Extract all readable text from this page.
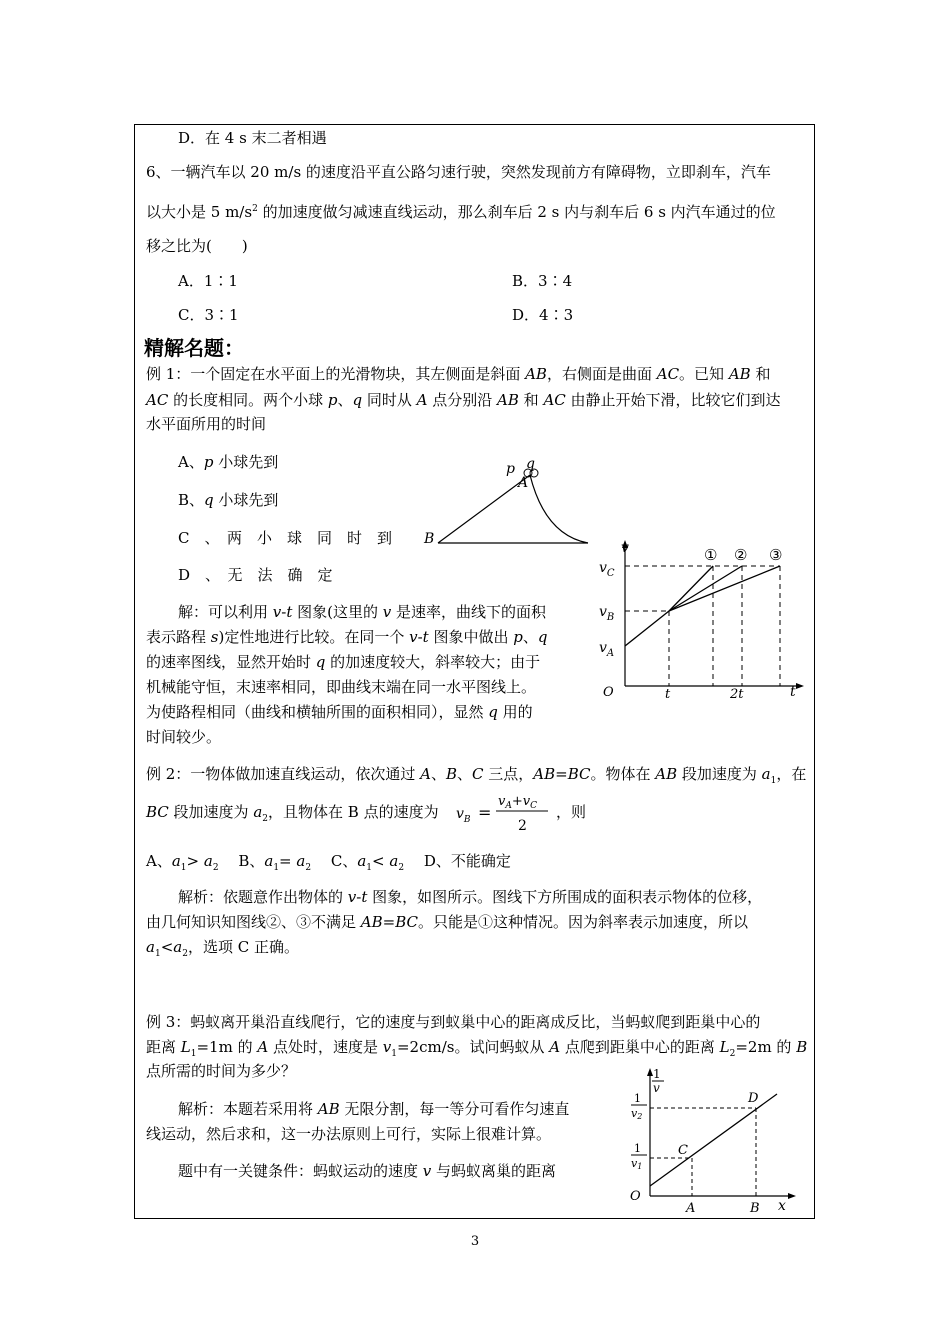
D．在 4 s 末二者相遇
6、一辆汽车以 20 m/s 的速度沿平直公路匀速行驶，突然发现前方有障碍物，立即刹车，汽车
以大小是 5 $m/s^2$ 的加速度做匀减速直线运动，那么刹车后 2 s 内与刹车后 6 s 内汽车通过的位
移之比为(　　)
A．1∶1	B．3∶4
C．3∶1	D．4∶3
精解名题：
例 1：一个固定在水平面上的光滑物块，其左侧面是斜面 AB，右侧面是曲面 AC。已知 AB 和
AC 的长度相同。两个小球 p、q 同时从 A 点分别沿 AB 和 AC 由静止开始下滑，比较它们到达
水平面所用的时间
A、p 小球先到
B、q 小球先到
C　、　两　小　球　同　时　到
D　、　无　法　确　定
p q
A
B
v
t
O
$v_C$
$v_B$
$v_A$
t	2t
① ② ③
解：可以利用 v-t 图象(这里的 v 是速率，曲线下的面积
表示路程 s)定性地进行比较。在同一个 v-t 图象中做出 p、q
的速率图线，显然开始时 q 的加速度较大，斜率较大；由于
机械能守恒，末速率相同，即曲线末端在同一水平图线上。
为使路程相同（曲线和横轴所围的面积相同），显然 q 用的
时间较少。
例 2：一物体做加速直线运动，依次通过 A、B、C 三点，AB=BC。物体在 AB 段加速度为 $a_1$，在
BC 段加速度为 $a_2$，且物体在 B 点的速度为 $v_B$ =
$v_A+v_C$
2
，则
A、$a_1> a_2$　 B、$a_1= a_2$　 C、$a_1< a_2$　 D、不能确定
解析：依题意作出物体的 v-t 图象，如图所示。图线下方所围成的面积表示物体的位移，
由几何知识知图线②、③不满足 AB=BC。只能是①这种情况。因为斜率表示加速度，所以
$a_1<a_2$，选项 C 正确。
例 3：蚂蚁离开巢沿直线爬行，它的速度与到蚁巢中心的距离成反比，当蚂蚁爬到距巢中心的
距离 $L_1=1m$ 的 A 点处时，速度是 $v_1=2cm/s$。试问蚂蚁从 A 点爬到距巢中心的距离 $L_2=2m$ 的 B
点所需的时间为多少？
解析：本题若采用将 AB 无限分割，每一等分可看作匀速直
线运动，然后求和，这一办法原则上可行，实际上很难计算。
题中有一关键条件：蚂蚁运动的速度 v 与蚂蚁离巢的距离
1
v
x
O
1
v2
1
v1
C
D
A	B
3
